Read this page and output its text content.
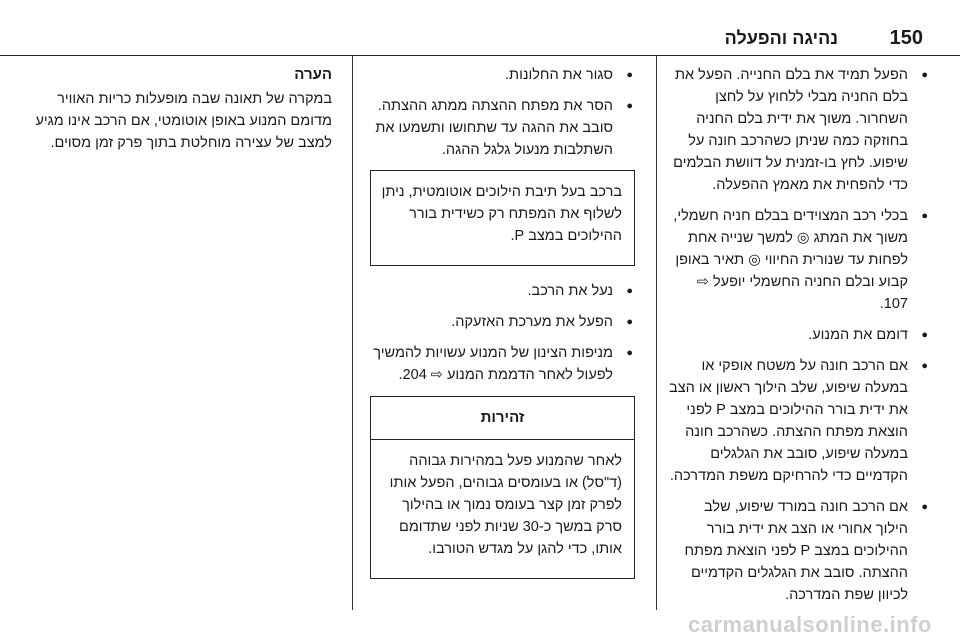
נהיגה והפעלה	150
● הפעל תמיד את בלם החנייה. הפעל את בלם החניה מבלי ללחוץ על לחצן השחרור. משוך את ידית בלם החניה בחוזקה כמה שניתן כשהרכב חונה על שיפוע. לחץ בו-זמנית על דוושת הבלמים כדי להפחית את מאמץ ההפעלה.
● בכלי רכב המצוידים בבלם חניה חשמלי, משוך את המתג ◎ למשך שנייה אחת לפחות עד שנורית החיווי ◎ תאיר באופן קבוע ובלם החניה החשמלי יופעל ⇨ 107.
● דומם את המנוע.
● אם הרכב חונה על משטח אופקי או במעלה שיפוע, שלב הילוך ראשון או הצב את ידית בורר ההילוכים במצב P לפני הוצאת מפתח ההצתה. כשהרכב חונה במעלה שיפוע, סובב את הגלגלים הקדמיים כדי להרחיקם משפת המדרכה.
● אם הרכב חונה במורד שיפוע, שלב הילוך אחורי או הצב את ידית בורר ההילוכים במצב P לפני הוצאת מפתח ההצתה. סובב את הגלגלים הקדמיים לכיוון שפת המדרכה.
● סגור את החלונות.
● הסר את מפתח ההצתה ממתג ההצתה. סובב את ההגה עד שתחושו ותשמעו את השתלבות מנעול גלגל ההגה.

ברכב בעל תיבת הילוכים אוטומטית, ניתן לשלוף את המפתח רק כשידית בורר ההילוכים במצב P.

● נעל את הרכב.
● הפעל את מערכת האזעקה.
● מניפות הצינון של המנוע עשויות להמשיך לפעול לאחר הדממת המנוע ⇨ 204.
זהירות

לאחר שהמנוע פעל במהירות גבוהה (ד"סל) או בעומסים גבוהים, הפעל אותו לפרק זמן קצר בעומס נמוך או בהילוך סרק במשך כ-30 שניות לפני שתדומם אותו, כדי להגן על מגדש הטורבו.

הערה

במקרה של תאונה שבה מופעלות כריות האוויר מדומם המנוע באופן אוטומטי, אם הרכב אינו מגיע למצב של עצירה מוחלטת בתוך פרק זמן מסוים.

carmanualsonline.info
